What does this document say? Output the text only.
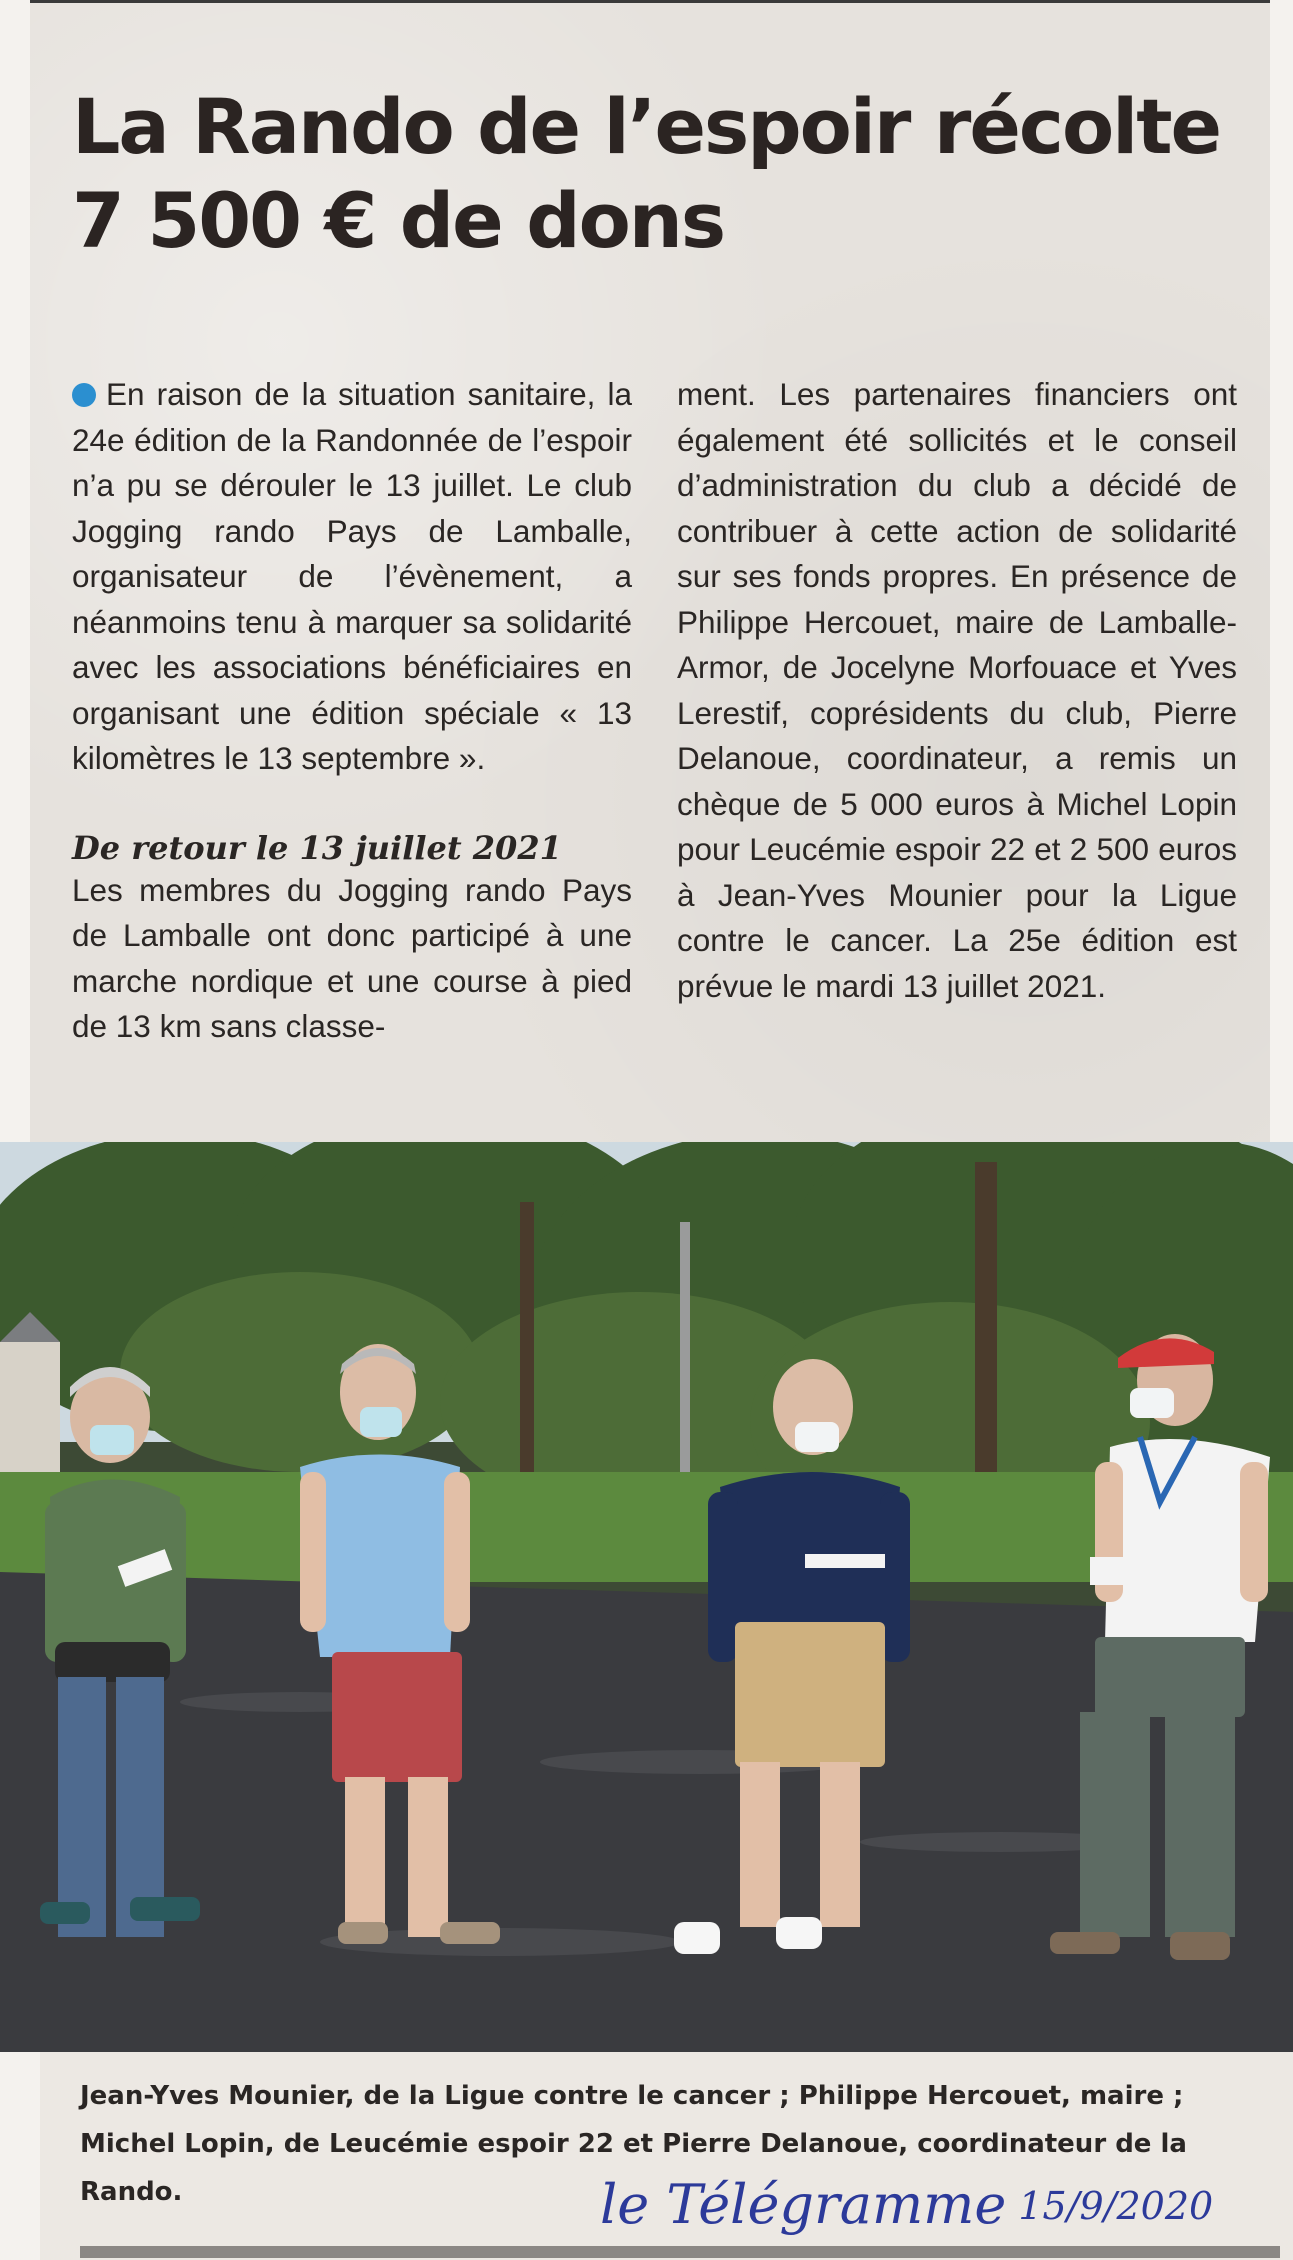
La Rando de l’espoir récolte 7 500 € de dons

En raison de la situation sanitaire, la 24e édition de la Randonnée de l’espoir n’a pu se dérouler le 13 juillet. Le club Jogging rando Pays de Lamballe, organisateur de l’évènement, a néanmoins tenu à marquer sa solidarité avec les associations bénéficiaires en organisant une édition spéciale « 13 kilomètres le 13 septembre ».

De retour le 13 juillet 2021

Les membres du Jogging rando Pays de Lamballe ont donc participé à une marche nordique et une course à pied de 13 km sans classe-

ment. Les partenaires financiers ont également été sollicités et le conseil d’administration du club a décidé de contribuer à cette action de solidarité sur ses fonds propres. En présence de Philippe Hercouet, maire de Lamballe-Armor, de Jocelyne Morfouace et Yves Lerestif, coprésidents du club, Pierre Delanoue, coordinateur, a remis un chèque de 5 000 euros à Michel Lopin pour Leucémie espoir 22 et 2 500 euros à Jean-Yves Mounier pour la Ligue contre le cancer. La 25e édition est prévue le mardi 13 juillet 2021.

Jean-Yves Mounier, de la Ligue contre le cancer ; Philippe Hercouet, maire ; Michel Lopin, de Leucémie espoir 22 et Pierre Delanoue, coordinateur de la Rando.	le Télégramme 15/9/2020
